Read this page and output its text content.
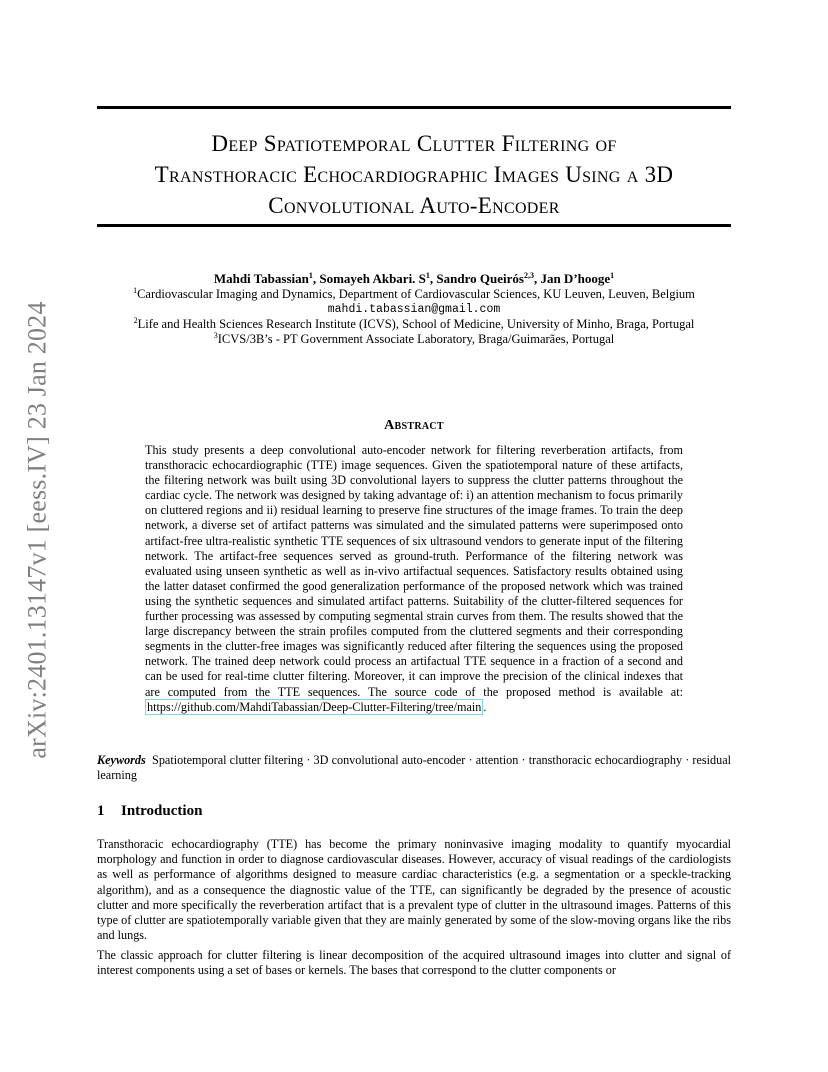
arXiv:2401.13147v1 [eess.IV] 23 Jan 2024
Deep Spatiotemporal Clutter Filtering of
Transthoracic Echocardiographic Images Using a 3D
Convolutional Auto-Encoder
Mahdi Tabassian$^1$, Somayeh Akbari. $S^1$, Sandro Queirós$^{2,3}$, Jan D’hooge$^1$
$^1$Cardiovascular Imaging and Dynamics, Department of Cardiovascular Sciences, KU Leuven, Leuven, Belgium
mahdi.tabassian@gmail.com
$^2$Life and Health Sciences Research Institute (ICVS), School of Medicine, University of Minho, Braga, Portugal
$^3$ICVS/3B’s - PT Government Associate Laboratory, Braga/Guimarães, Portugal
Abstract
This study presents a deep convolutional auto-encoder network for filtering reverberation artifacts, from transthoracic echocardiographic (TTE) image sequences. Given the spatiotemporal nature of these artifacts, the filtering network was built using 3D convolutional layers to suppress the clutter patterns throughout the cardiac cycle. The network was designed by taking advantage of: i) an attention mechanism to focus primarily on cluttered regions and ii) residual learning to preserve fine structures of the image frames. To train the deep network, a diverse set of artifact patterns was simulated and the simulated patterns were superimposed onto artifact-free ultra-realistic synthetic TTE sequences of six ultrasound vendors to generate input of the filtering network. The artifact-free sequences served as ground-truth. Performance of the filtering network was evaluated using unseen synthetic as well as in-vivo artifactual sequences. Satisfactory results obtained using the latter dataset confirmed the good generalization performance of the proposed network which was trained using the synthetic sequences and simulated artifact patterns. Suitability of the clutter-filtered sequences for further processing was assessed by computing segmental strain curves from them. The results showed that the large discrepancy between the strain profiles computed from the cluttered segments and their corresponding segments in the clutter-free images was significantly reduced after filtering the sequences using the proposed network. The trained deep network could process an artifactual TTE sequence in a fraction of a second and can be used for real-time clutter filtering. Moreover, it can improve the precision of the clinical indexes that are computed from the TTE sequences. The source code of the proposed method is available at: https://github.com/MahdiTabassian/Deep-Clutter-Filtering/tree/main .
Keywords Spatiotemporal clutter filtering · 3D convolutional auto-encoder · attention · transthoracic echocardiography · residual learning
1 Introduction

Transthoracic echocardiography (TTE) has become the primary noninvasive imaging modality to quantify myocardial morphology and function in order to diagnose cardiovascular diseases. However, accuracy of visual readings of the cardiologists as well as performance of algorithms designed to measure cardiac characteristics (e.g. a segmentation or a speckle-tracking algorithm), and as a consequence the diagnostic value of the TTE, can significantly be degraded by the presence of acoustic clutter and more specifically the reverberation artifact that is a prevalent type of clutter in the ultrasound images. Patterns of this type of clutter are spatiotemporally variable given that they are mainly generated by some of the slow-moving organs like the ribs and lungs.

The classic approach for clutter filtering is linear decomposition of the acquired ultrasound images into clutter and signal of interest components using a set of bases or kernels. The bases that correspond to the clutter components or
